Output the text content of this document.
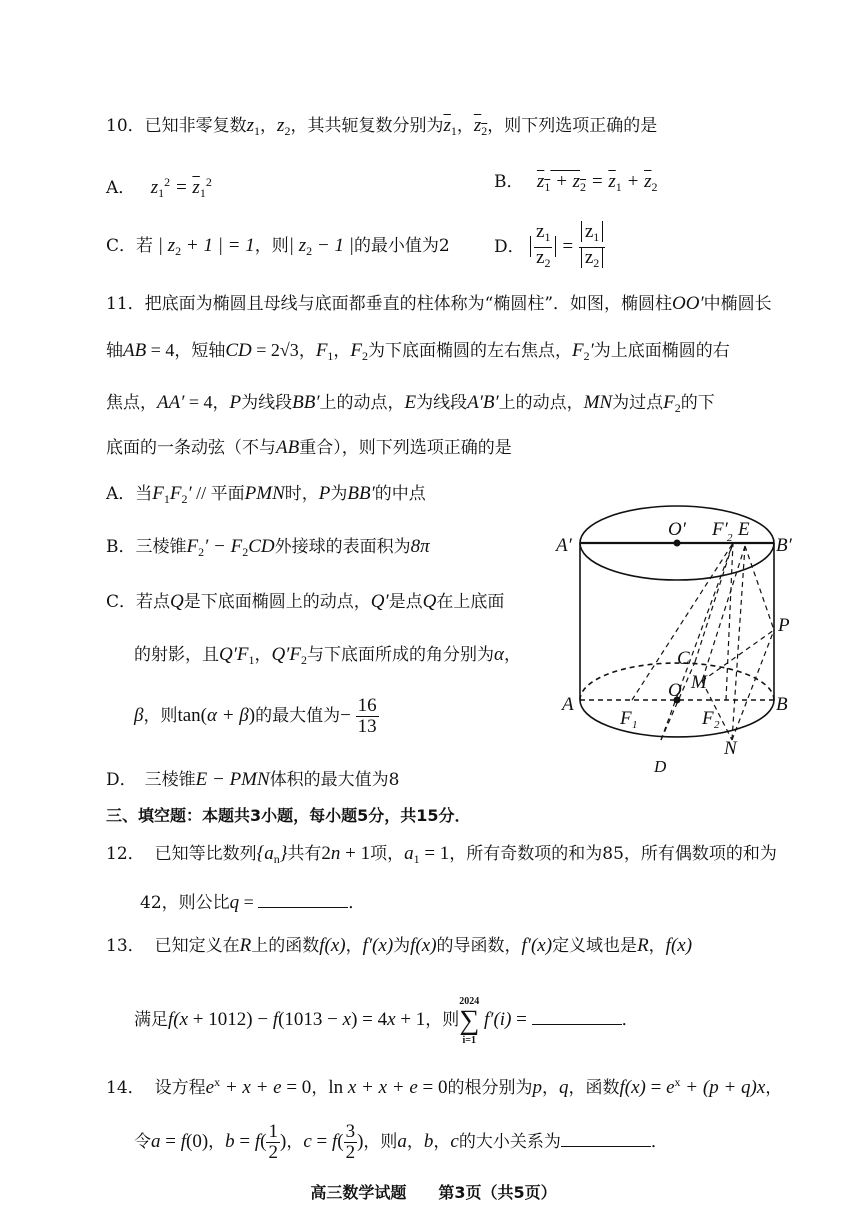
10．已知非零复数$z_1$，$z_2$，其共轭复数分别为$\overline{z}_1$，$z_2$，则下列选项正确的是
A． $z_1^2 = \overline{z}_1^2$	B． $z_1 + z_2 = \overline{z}_1 + \overline{z}_2$
C．若 | $z_2 + 1$ | = 1，则| $z_2 - 1$ |的最小值为2	D． $\frac{z_1}{z_2} = \frac{z_1}{z_2}$
11．把底面为椭圆且母线与底面都垂直的柱体称为“椭圆柱”．如图，椭圆柱OO′中椭圆长
轴AB = 4，短轴CD = 2√3，$F_1$，$F_2$为下底面椭圆的左右焦点，$F_2'$为上底面椭圆的右
焦点，AA′ = 4，P为线段BB′上的动点，E为线段A′B′上的动点，MN为过点$F_2$的下
底面的一条动弦（不与AB重合），则下列选项正确的是
A．当$F_1F_2'$ // 平面PMN时，P为BB′的中点
B．三棱锥$F_2' - F_2CD$外接球的表面积为8π
C．若点Q是下底面椭圆上的动点，Q′是点Q在上底面
的射影，且$Q'F_1$，$Q'F_2$与下底面所成的角分别为α，
β，则tan(α + β)的最大值为− $\frac{16}{13}$
D． 三棱锥E − PMN体积的最大值为8
A′
O′ F′ 2 E
B′
P
C
M
O
A
F 1	F 2
B
N
D
三、填空题：本题共3小题，每小题5分，共15分．
12． 已知等比数列$\{a_n\}$共有2n + 1项，$a_1 = 1$，所有奇数项的和为85，所有偶数项的和为
42，则公比q =	．
13． 已知定义在R上的函数f(x)，f′(x)为f(x)的导函数，f′(x)定义域也是R，f(x)
满足f(x + 1012) − f(1013 − x) = 4x + 1，则
2024
∑
i=1
f′(i) =	．
14． 设方程$e^x + x + e = 0$，ln x + x + e = 0的根分别为p，q，函数$f(x) = e^x + (p + q)x$，
令a = f(0)，$b = f( \frac{1}{2}$ )，$c = f( \frac{3}{2}$ )，则a，b，c的大小关系为	．
高三数学试题　　第3页（共5页）
